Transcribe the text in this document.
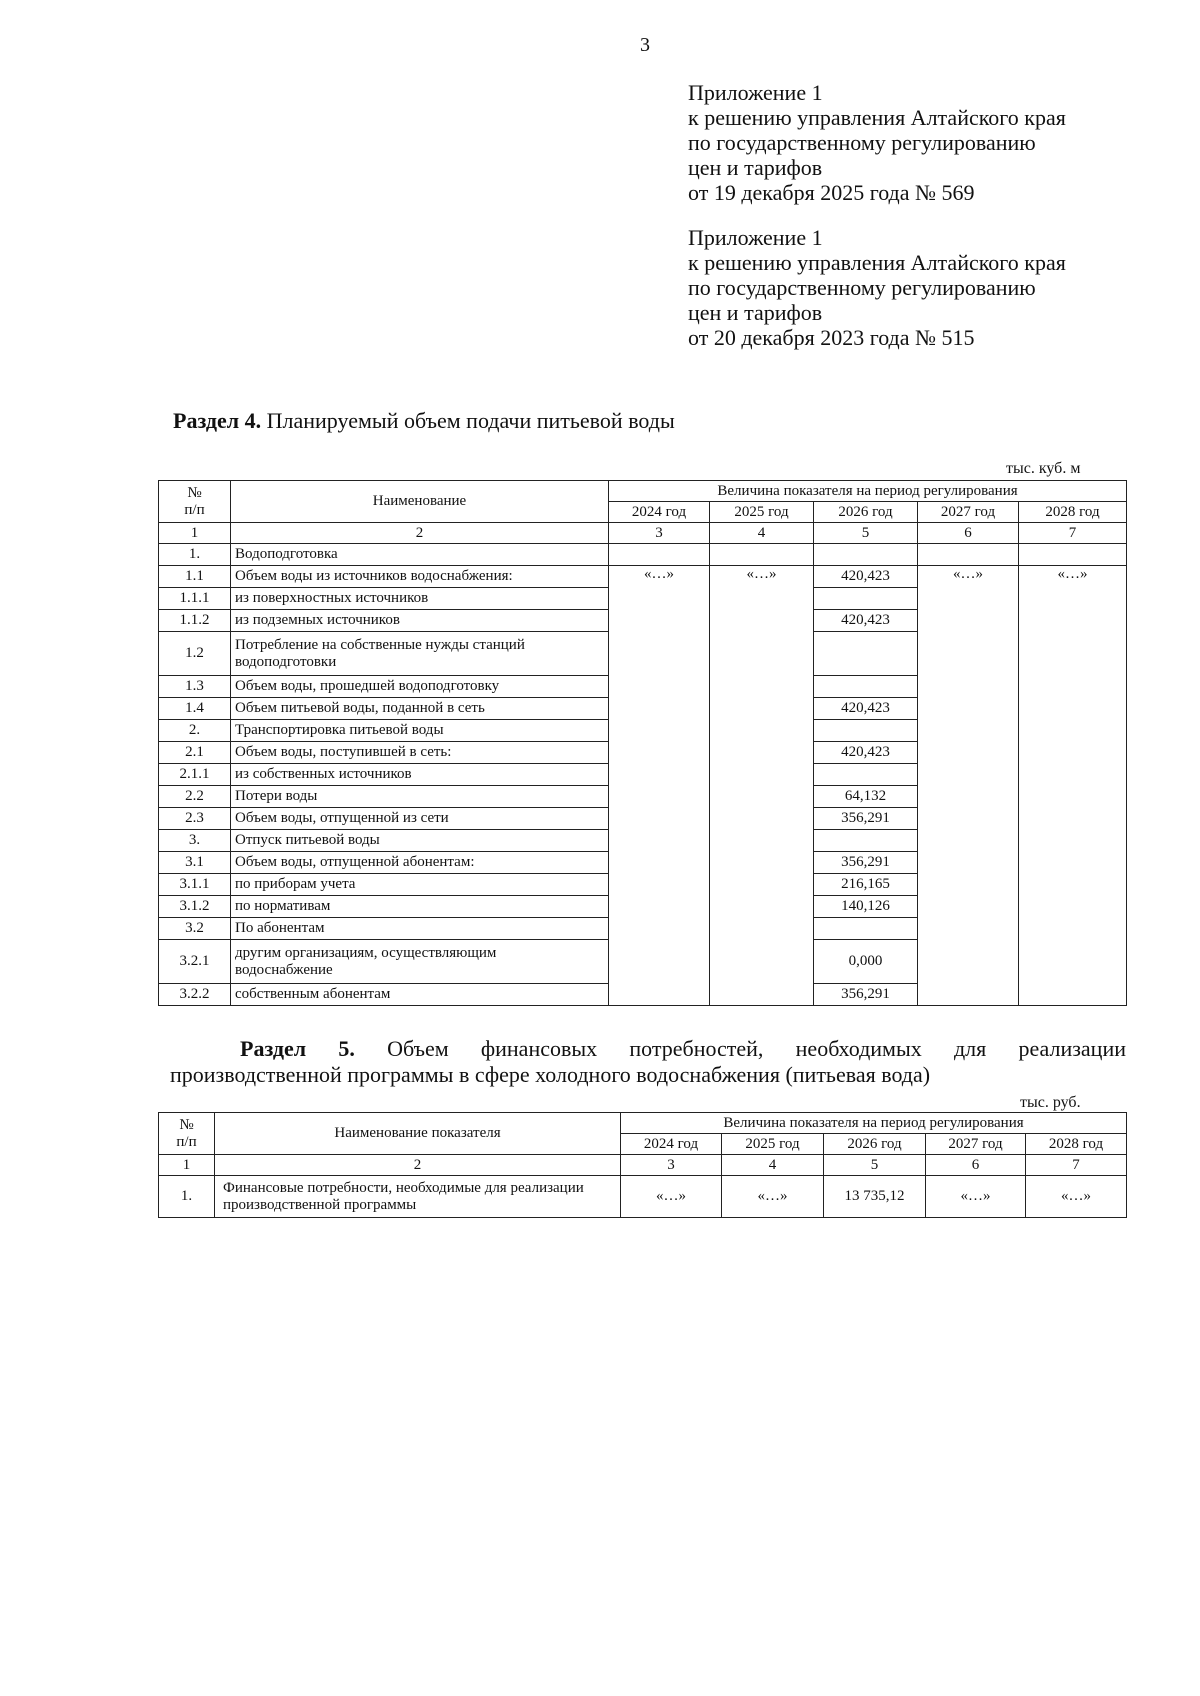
3
Приложение 1
к решению управления Алтайского края
по государственному регулированию
цен и тарифов
от 19 декабря 2025 года № 569
Приложение 1
к решению управления Алтайского края
по государственному регулированию
цен и тарифов
от 20 декабря 2023 года № 515
Раздел 4. Планируемый объем подачи питьевой воды
тыс. куб. м
№
п/п	Наименование	Величина показателя на период регулирования				
		2024 год	2025 год	2026 год	2027 год	2028 год
1	2	3	4	5	6	7
1.	Водоподготовка					
1.1	Объем воды из источников водоснабжения:	«…»	«…»	420,423	«…»	«…»
1.1.1	из поверхностных источников					
1.1.2	из подземных источников			420,423		
1.2	Потребление на собственные нужды станций водоподготовки					
1.3	Объем воды, прошедшей водоподготовку					
1.4	Объем питьевой воды, поданной в сеть			420,423		
2.	Транспортировка питьевой воды					
2.1	Объем воды, поступившей в сеть:			420,423		
2.1.1	из собственных источников					
2.2	Потери воды			64,132		
2.3	Объем воды, отпущенной из сети			356,291		
3.	Отпуск питьевой воды					
3.1	Объем воды, отпущенной абонентам:			356,291		
3.1.1	по приборам учета			216,165		
3.1.2	по нормативам			140,126		
3.2	По абонентам					
3.2.1	другим организациям, осуществляющим
водоснабжение			0,000		
3.2.2	собственным абонентам			356,291		
Раздел 5. Объем финансовых потребностей, необходимых для реализации
производственной программы в сфере холодного водоснабжения (питьевая вода)
тыс. руб.
№
п/п	Наименование показателя	Величина показателя на период регулирования				
		2024 год	2025 год	2026 год	2027 год	2028 год
1	2	3	4	5	6	7
1.	Финансовые потребности, необходимые для реализации производственной программы	«…»	«…»	13 735,12	«…»	«…»
